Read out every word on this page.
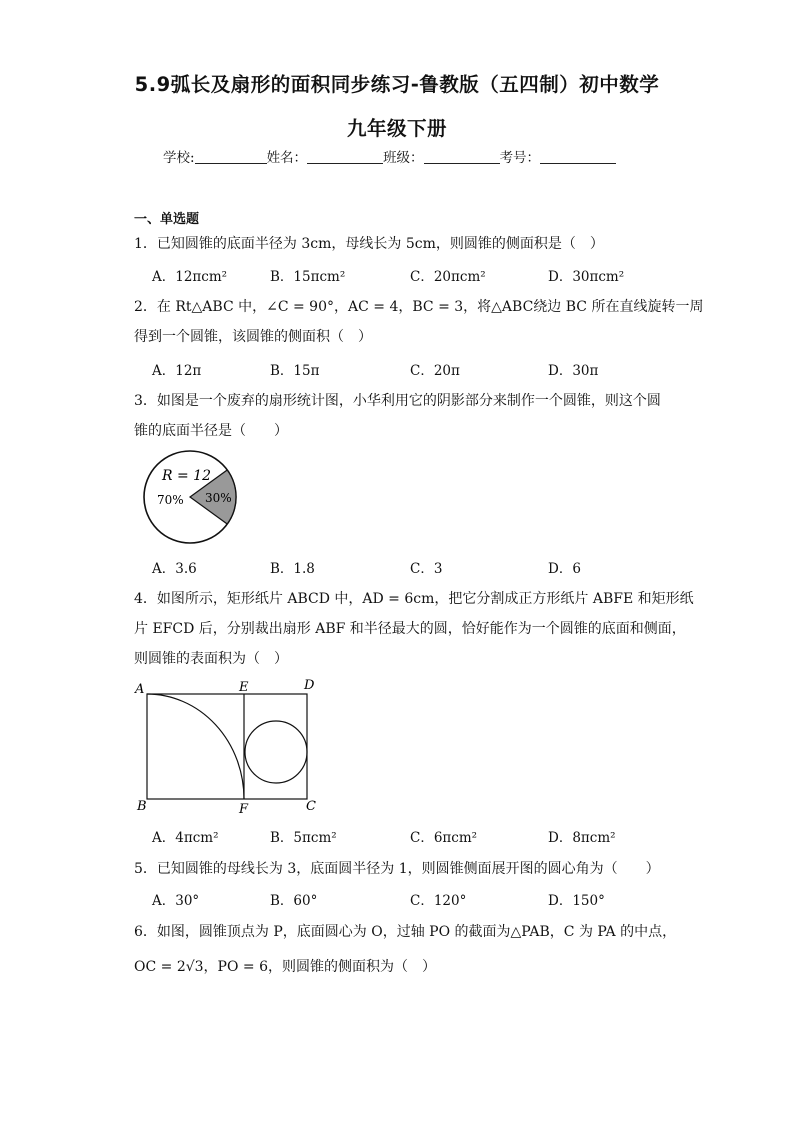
5.9弧长及扇形的面积同步练习-鲁教版（五四制）初中数学
九年级下册
学校:	姓名：	班级：	考号：
一、单选题
1．已知圆锥的底面半径为 3cm，母线长为 5cm，则圆锥的侧面积是（　）
A．12πcm²	B．15πcm²	C．20πcm²	D．30πcm²
2．在 Rt△ABC 中，∠C = 90°，AC = 4，BC = 3，将△ABC绕边 BC 所在直线旋转一周
得到一个圆锥，该圆锥的侧面积（　）
A．12π	B．15π	C．20π	D．30π
3．如图是一个废弃的扇形统计图，小华利用它的阴影部分来制作一个圆锥，则这个圆
锥的底面半径是（　　）
R = 12
70% 30%
A．3.6	B．1.8	C．3	D．6
4．如图所示，矩形纸片 ABCD 中，AD = 6cm，把它分割成正方形纸片 ABFE 和矩形纸
片 EFCD 后，分别裁出扇形 ABF 和半径最大的圆，恰好能作为一个圆锥的底面和侧面，
则圆锥的表面积为（　）
A	E	D
B	F	C
A．4πcm²	B．5πcm²	C．6πcm²	D．8πcm²
5．已知圆锥的母线长为 3，底面圆半径为 1，则圆锥侧面展开图的圆心角为（　　）
A．30°	B．60°	C．120°	D．150°
6．如图，圆锥顶点为 P，底面圆心为 O，过轴 PO 的截面为△PAB，C 为 PA 的中点，
OC = 2√3，PO = 6，则圆锥的侧面积为（　）
